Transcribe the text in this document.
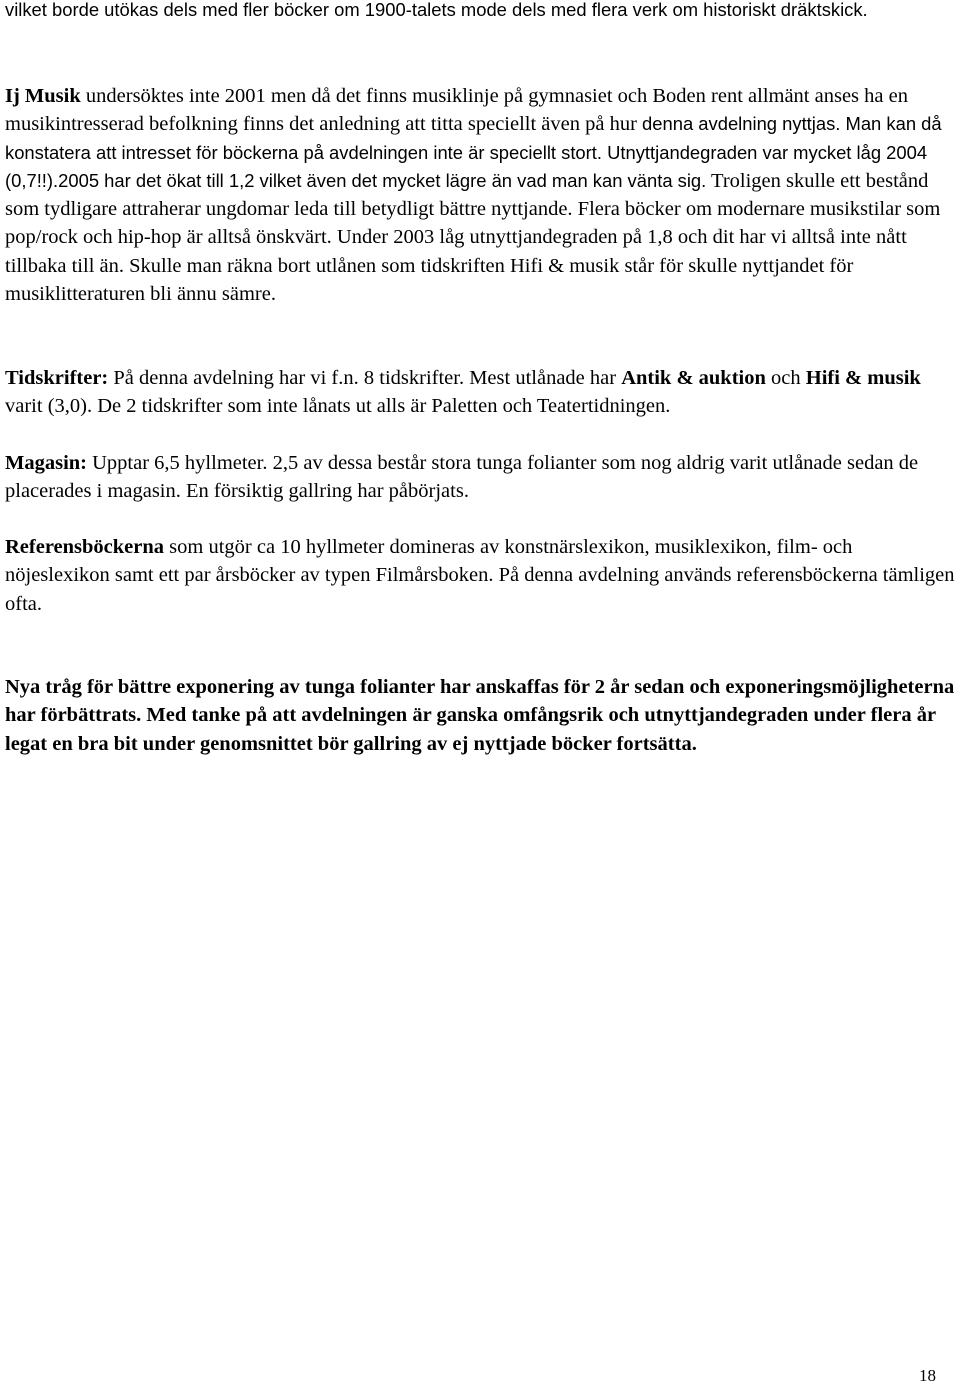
vilket borde utökas dels med fler böcker om 1900-talets mode dels med flera verk om historiskt dräktskick.

Ij Musik undersöktes inte 2001 men då det finns musiklinje på gymnasiet och Boden rent allmänt anses ha en musikintresserad befolkning finns det anledning att titta speciellt även på hur denna avdelning nyttjas. Man kan då konstatera att intresset för böckerna på avdelningen inte är speciellt stort. Utnyttjandegraden var mycket låg 2004 (0,7!!).2005 har det ökat till 1,2 vilket även det mycket lägre än vad man kan vänta sig. Troligen skulle ett bestånd som tydligare attraherar ungdomar leda till betydligt bättre nyttjande. Flera böcker om modernare musikstilar som pop/rock och hip-hop är alltså önskvärt. Under 2003 låg utnyttjandegraden på 1,8 och dit har vi alltså inte nått tillbaka till än. Skulle man räkna bort utlånen som tidskriften Hifi & musik står för skulle nyttjandet för musiklitteraturen bli ännu sämre.

Tidskrifter: På denna avdelning har vi f.n. 8 tidskrifter. Mest utlånade har Antik & auktion och Hifi & musik varit (3,0). De 2 tidskrifter som inte lånats ut alls är Paletten och Teatertidningen.

Magasin: Upptar 6,5 hyllmeter. 2,5 av dessa består stora tunga folianter som nog aldrig varit utlånade sedan de placerades i magasin. En försiktig gallring har påbörjats.

Referensböckerna som utgör ca 10 hyllmeter domineras av konstnärslexikon, musiklexikon, film- och nöjeslexikon samt ett par årsböcker av typen Filmårsboken. På denna avdelning används referensböckerna tämligen ofta.

Nya tråg för bättre exponering av tunga folianter har anskaffas för 2 år sedan och exponeringsmöjligheterna har förbättrats. Med tanke på att avdelningen är ganska omfångsrik och utnyttjandegraden under flera år legat en bra bit under genomsnittet bör gallring av ej nyttjade böcker fortsätta.

18
